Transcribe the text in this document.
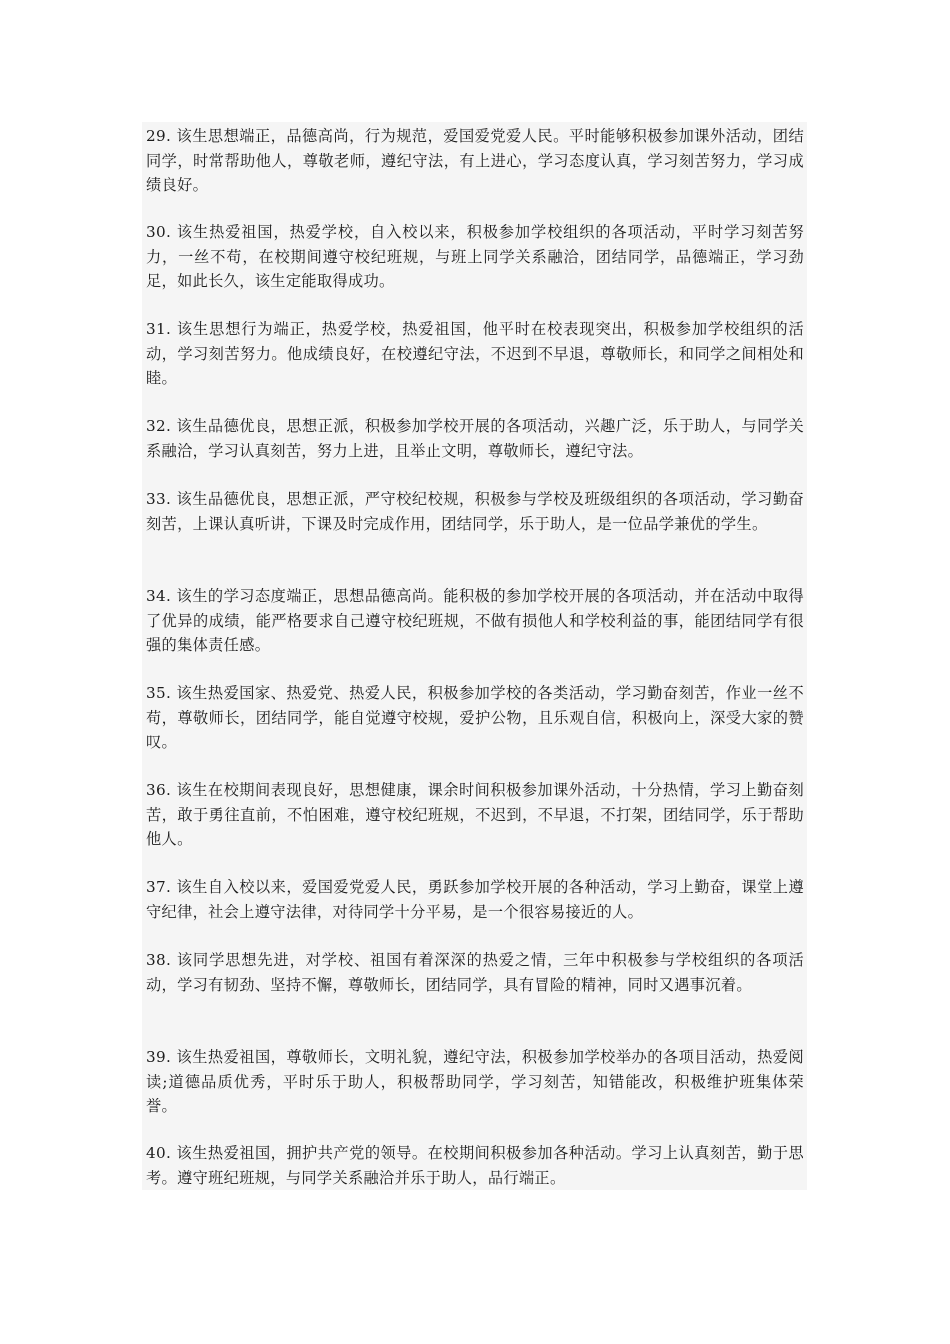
29. 该生思想端正，品德高尚，行为规范，爱国爱党爱人民。平时能够积极参加课外活动，团结同学，时常帮助他人，尊敬老师，遵纪守法，有上进心，学习态度认真，学习刻苦努力，学习成绩良好。

30. 该生热爱祖国，热爱学校，自入校以来，积极参加学校组织的各项活动，平时学习刻苦努力，一丝不苟，在校期间遵守校纪班规，与班上同学关系融洽，团结同学，品德端正，学习劲足，如此长久，该生定能取得成功。

31. 该生思想行为端正，热爱学校，热爱祖国，他平时在校表现突出，积极参加学校组织的活动，学习刻苦努力。他成绩良好，在校遵纪守法，不迟到不早退，尊敬师长，和同学之间相处和睦。

32. 该生品德优良，思想正派，积极参加学校开展的各项活动，兴趣广泛，乐于助人，与同学关系融洽，学习认真刻苦，努力上进，且举止文明，尊敬师长，遵纪守法。

33. 该生品德优良，思想正派，严守校纪校规，积极参与学校及班级组织的各项活动，学习勤奋刻苦，上课认真听讲，下课及时完成作用，团结同学，乐于助人，是一位品学兼优的学生。

34. 该生的学习态度端正，思想品德高尚。能积极的参加学校开展的各项活动，并在活动中取得了优异的成绩，能严格要求自己遵守校纪班规，不做有损他人和学校利益的事，能团结同学有很强的集体责任感。

35. 该生热爱国家、热爱党、热爱人民，积极参加学校的各类活动，学习勤奋刻苦，作业一丝不苟，尊敬师长，团结同学，能自觉遵守校规，爱护公物，且乐观自信，积极向上，深受大家的赞叹。

36. 该生在校期间表现良好，思想健康，课余时间积极参加课外活动，十分热情，学习上勤奋刻苦，敢于勇往直前，不怕困难，遵守校纪班规，不迟到，不早退，不打架，团结同学，乐于帮助他人。

37. 该生自入校以来，爱国爱党爱人民，勇跃参加学校开展的各种活动，学习上勤奋，课堂上遵守纪律，社会上遵守法律，对待同学十分平易，是一个很容易接近的人。

38. 该同学思想先进，对学校、祖国有着深深的热爱之情，三年中积极参与学校组织的各项活动，学习有韧劲、坚持不懈，尊敬师长，团结同学，具有冒险的精神，同时又遇事沉着。

39. 该生热爱祖国，尊敬师长，文明礼貌，遵纪守法，积极参加学校举办的各项目活动，热爱阅读;道德品质优秀，平时乐于助人，积极帮助同学，学习刻苦，知错能改，积极维护班集体荣誉。

40. 该生热爱祖国，拥护共产党的领导。在校期间积极参加各种活动。学习上认真刻苦，勤于思考。遵守班纪班规，与同学关系融洽并乐于助人，品行端正。
